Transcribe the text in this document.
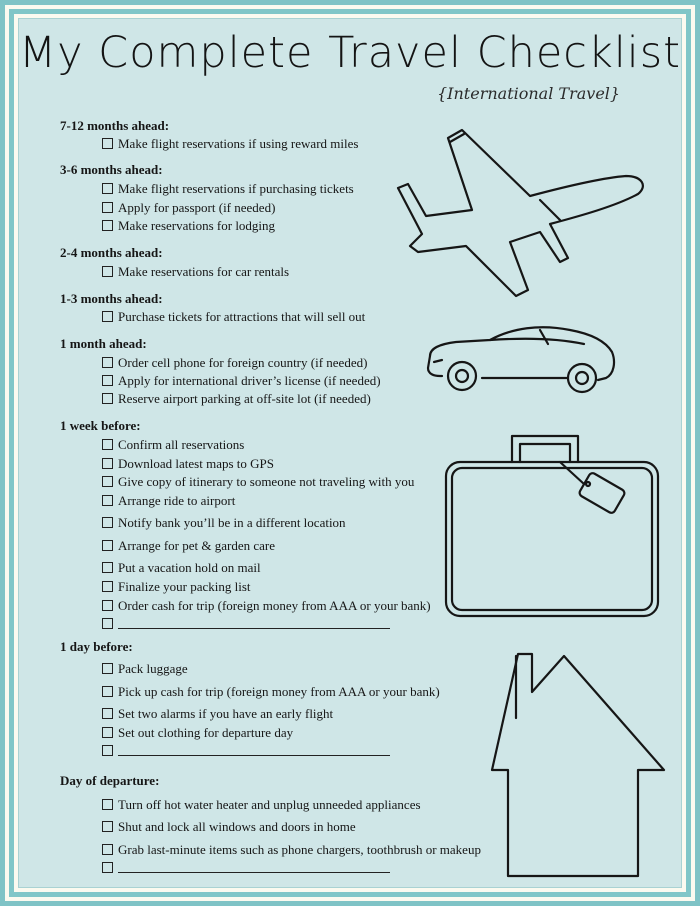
My Complete Travel Checklist
{International Travel}
7-12 months ahead:
Make flight reservations if using reward miles
3-6 months ahead:
Make flight reservations if purchasing tickets
Apply for passport (if needed)
Make reservations for lodging
2-4 months ahead:
Make reservations for car rentals
1-3 months ahead:
Purchase tickets for attractions that will sell out
1 month ahead:
Order cell phone for foreign country (if needed)
Apply for international driver’s license (if needed)
Reserve airport parking at off-site lot (if needed)
1 week before:
Confirm all reservations
Download latest maps to GPS
Give copy of itinerary to someone not traveling with you
Arrange ride to airport
Notify bank you’ll be in a different location
Arrange for pet & garden care
Put a vacation hold on mail
Finalize your packing list
Order cash for trip (foreign money from AAA or your bank)
1 day before:
Pack luggage
Pick up cash for trip (foreign money from AAA or your bank)
Set two alarms if you have an early flight
Set out clothing for departure day
Day of departure:
Turn off hot water heater and unplug unneeded appliances
Shut and lock all windows and doors in home
Grab last-minute items such as phone chargers, toothbrush or makeup
